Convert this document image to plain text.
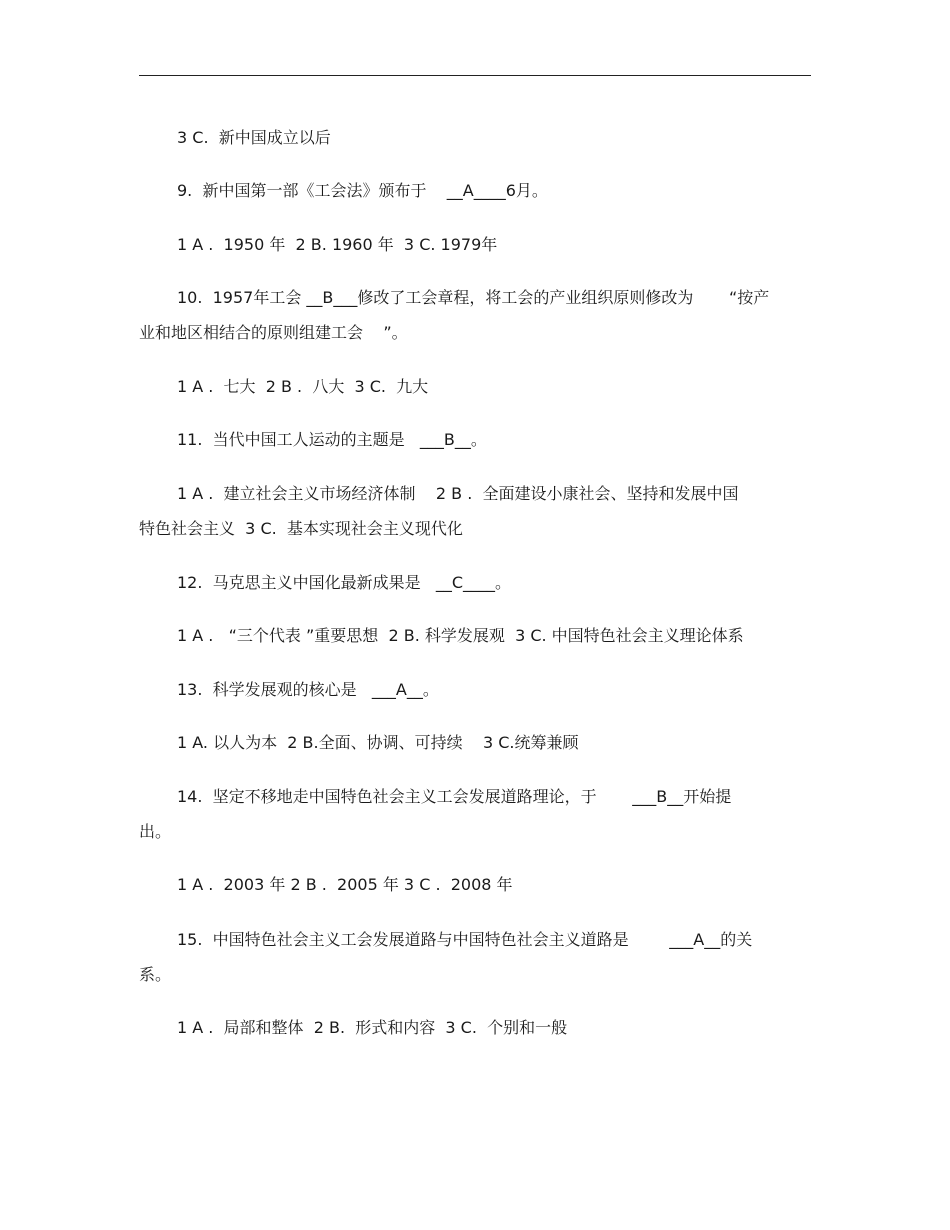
3 C.  新中国成立以后

9.  新中国第一部《工会法》颁布于    __A____6月。

1 A .  1950 年  2 B. 1960 年  3 C. 1979年

10.  1957年工会 __B___修改了工会章程，将工会的产业组织原则修改为       “按产
业和地区相结合的原则组建工会    ”。

1 A .  七大  2 B .  八大  3 C.  九大

11.  当代中国工人运动的主题是   ___B__。

1 A .  建立社会主义市场经济体制    2 B .  全面建设小康社会、坚持和发展中国
特色社会主义  3 C.  基本实现社会主义现代化

12.  马克思主义中国化最新成果是   __C____。

1 A .   “三个代表 ”重要思想  2 B. 科学发展观  3 C. 中国特色社会主义理论体系

13.  科学发展观的核心是   ___A__。

1 A. 以人为本  2 B.全面、协调、可持续    3 C.统筹兼顾

14.  坚定不移地走中国特色社会主义工会发展道路理论，于       ___B__开始提
出。

1 A .  2003 年 2 B .  2005 年 3 C .  2008 年

15.  中国特色社会主义工会发展道路与中国特色社会主义道路是        ___A__的关
系。

1 A .  局部和整体  2 B.  形式和内容  3 C.  个别和一般
